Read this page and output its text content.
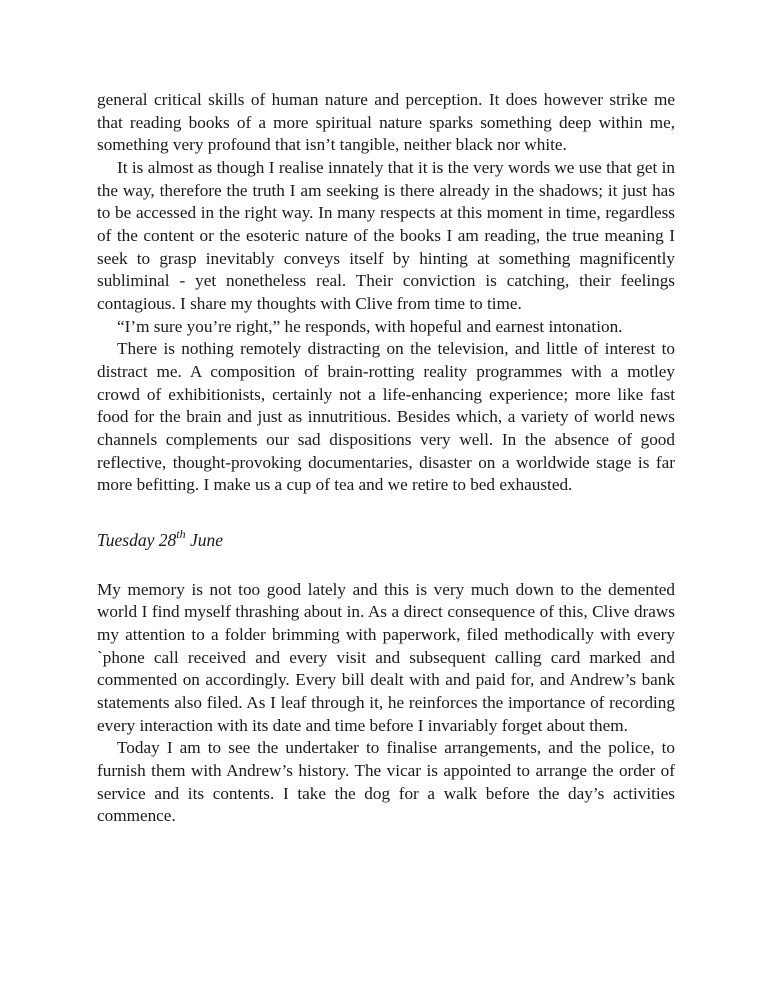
general critical skills of human nature and perception. It does however strike me that reading books of a more spiritual nature sparks something deep within me, something very profound that isn’t tangible, neither black nor white.

It is almost as though I realise innately that it is the very words we use that get in the way, therefore the truth I am seeking is there already in the shadows; it just has to be accessed in the right way. In many respects at this moment in time, regardless of the content or the esoteric nature of the books I am reading, the true meaning I seek to grasp inevitably conveys itself by hinting at something magnificently subliminal - yet nonetheless real. Their conviction is catching, their feelings contagious. I share my thoughts with Clive from time to time.

“I’m sure you’re right,” he responds, with hopeful and earnest intonation.

There is nothing remotely distracting on the television, and little of interest to distract me. A composition of brain-rotting reality programmes with a motley crowd of exhibitionists, certainly not a life-enhancing experience; more like fast food for the brain and just as innutritious. Besides which, a variety of world news channels complements our sad dispositions very well. In the absence of good reflective, thought-provoking documentaries, disaster on a worldwide stage is far more befitting. I make us a cup of tea and we retire to bed exhausted.

Tuesday 28th June

My memory is not too good lately and this is very much down to the demented world I find myself thrashing about in. As a direct consequence of this, Clive draws my attention to a folder brimming with paperwork, filed methodically with every `phone call received and every visit and subsequent calling card marked and commented on accordingly. Every bill dealt with and paid for, and Andrew’s bank statements also filed. As I leaf through it, he reinforces the importance of recording every interaction with its date and time before I invariably forget about them.

Today I am to see the undertaker to finalise arrangements, and the police, to furnish them with Andrew’s history. The vicar is appointed to arrange the order of service and its contents. I take the dog for a walk before the day’s activities commence.
